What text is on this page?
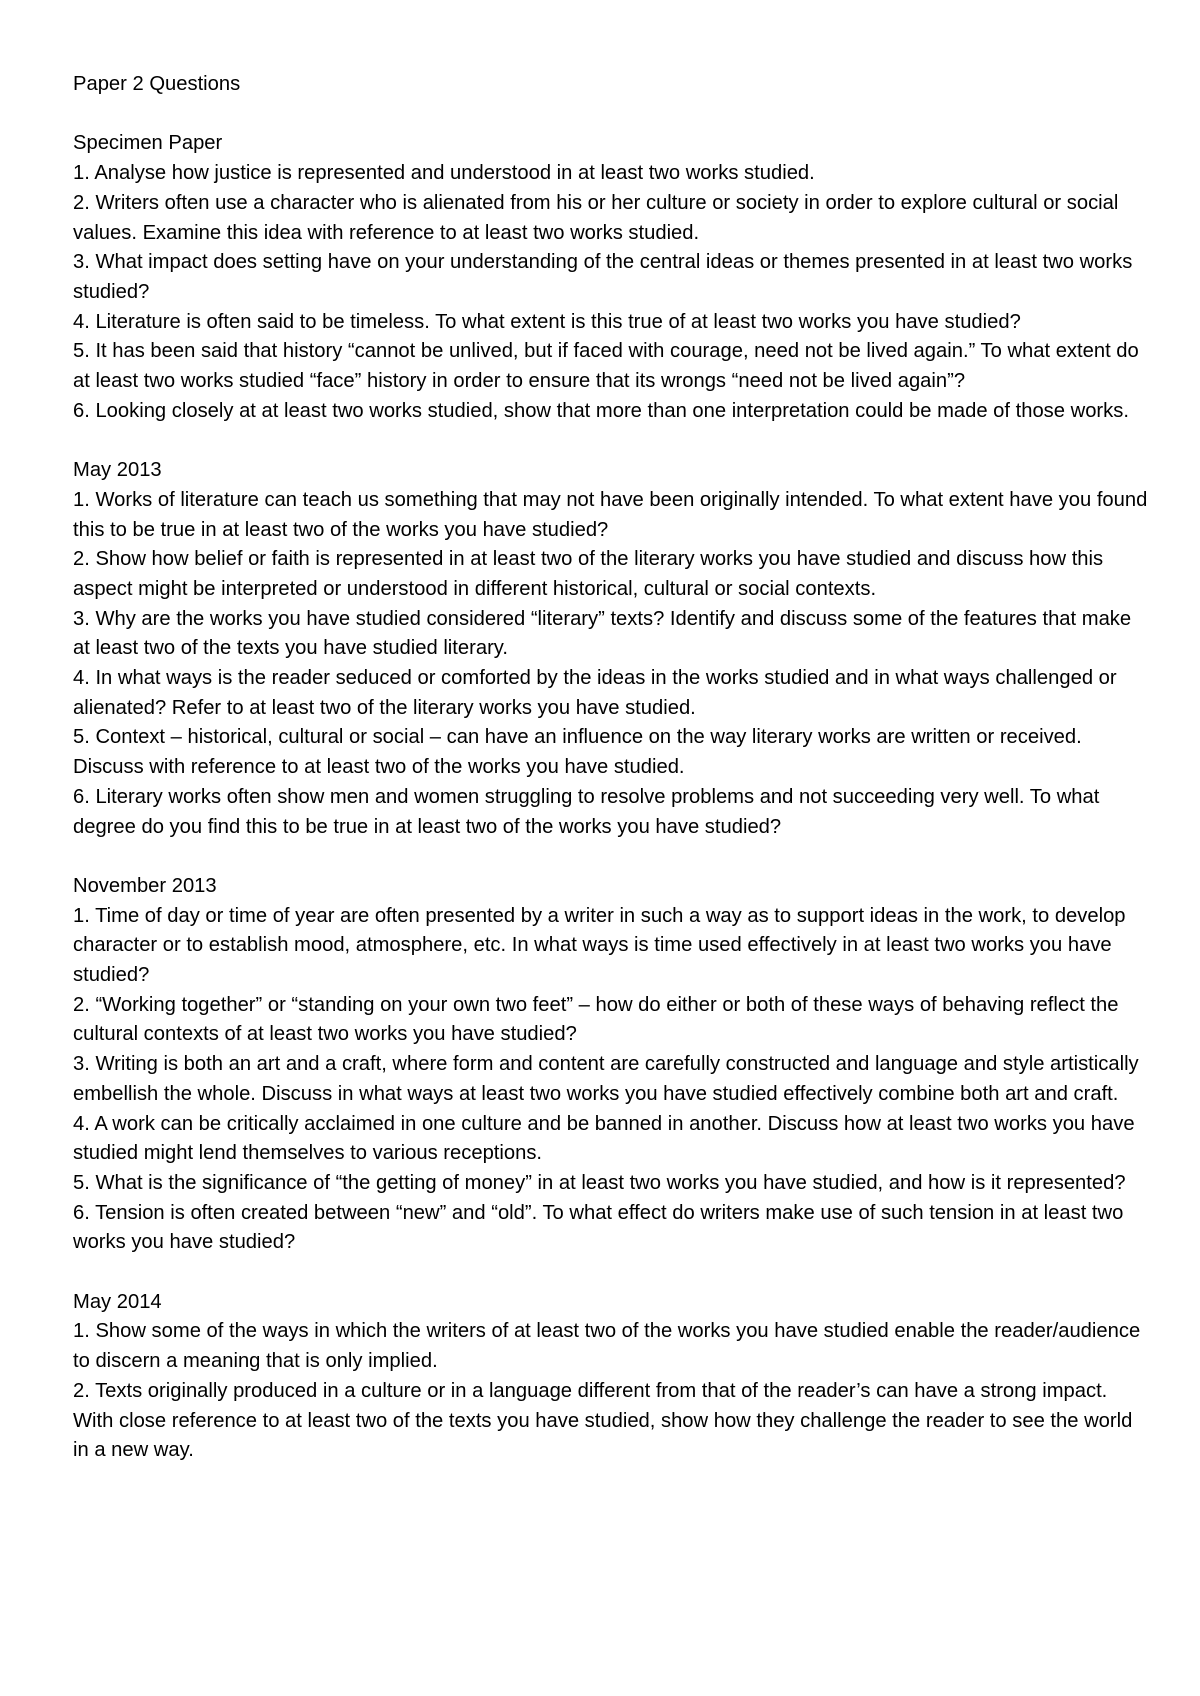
Paper 2 Questions
Specimen Paper

1. Analyse how justice is represented and understood in at least two works studied.

2. Writers often use a character who is alienated from his or her culture or society in order to explore cultural or social values. Examine this idea with reference to at least two works studied.

3. What impact does setting have on your understanding of the central ideas or themes presented in at least two works studied?

4. Literature is often said to be timeless. To what extent is this true of at least two works you have studied?

5. It has been said that history “cannot be unlived, but if faced with courage, need not be lived again.” To what extent do at least two works studied “face” history in order to ensure that its wrongs “need not be lived again”?

6. Looking closely at at least two works studied, show that more than one interpretation could be made of those works.

May 2013

1. Works of literature can teach us something that may not have been originally intended. To what extent have you found this to be true in at least two of the works you have studied?

2. Show how belief or faith is represented in at least two of the literary works you have studied and discuss how this aspect might be interpreted or understood in different historical, cultural or social contexts.

3. Why are the works you have studied considered “literary” texts? Identify and discuss some of the features that make at least two of the texts you have studied literary.

4. In what ways is the reader seduced or comforted by the ideas in the works studied and in what ways challenged or alienated? Refer to at least two of the literary works you have studied.

5. Context – historical, cultural or social – can have an influence on the way literary works are written or received. Discuss with reference to at least two of the works you have studied.

6. Literary works often show men and women struggling to resolve problems and not succeeding very well. To what degree do you find this to be true in at least two of the works you have studied?

November 2013

1. Time of day or time of year are often presented by a writer in such a way as to support ideas in the work, to develop character or to establish mood, atmosphere, etc. In what ways is time used effectively in at least two works you have studied?

2. “Working together” or “standing on your own two feet” – how do either or both of these ways of behaving reflect the cultural contexts of at least two works you have studied?

3. Writing is both an art and a craft, where form and content are carefully constructed and language and style artistically embellish the whole. Discuss in what ways at least two works you have studied effectively combine both art and craft.

4. A work can be critically acclaimed in one culture and be banned in another. Discuss how at least two works you have studied might lend themselves to various receptions.

5. What is the significance of “the getting of money” in at least two works you have studied, and how is it represented?

6. Tension is often created between “new” and “old”. To what effect do writers make use of such tension in at least two works you have studied?

May 2014

1. Show some of the ways in which the writers of at least two of the works you have studied enable the reader/audience to discern a meaning that is only implied.

2. Texts originally produced in a culture or in a language different from that of the reader’s can have a strong impact. With close reference to at least two of the texts you have studied, show how they challenge the reader to see the world in a new way.
